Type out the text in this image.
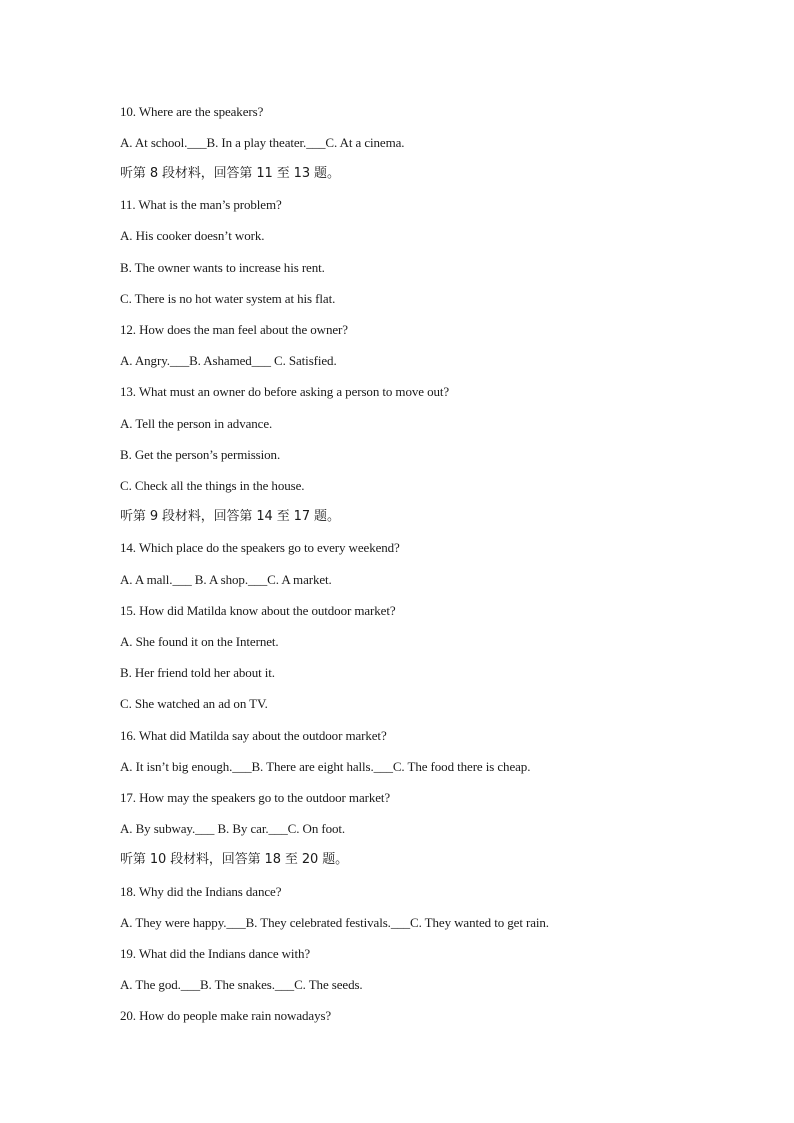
10. Where are the speakers?
A. At school.___B. In a play theater.___C. At a cinema.
听第 8 段材料，回答第 11 至 13 题。
11. What is the man’s problem?
A. His cooker doesn’t work.
B. The owner wants to increase his rent.
C. There is no hot water system at his flat.
12. How does the man feel about the owner?
A. Angry.___B. Ashamed___ C. Satisfied.
13. What must an owner do before asking a person to move out?
A. Tell the person in advance.
B. Get the person’s permission.
C. Check all the things in the house.
听第 9 段材料，回答第 14 至 17 题。
14. Which place do the speakers go to every weekend?
A. A mall.___ B. A shop.___C. A market.
15. How did Matilda know about the outdoor market?
A. She found it on the Internet.
B. Her friend told her about it.
C. She watched an ad on TV.
16. What did Matilda say about the outdoor market?
A. It isn’t big enough.___B. There are eight halls.___C. The food there is cheap.
17. How may the speakers go to the outdoor market?
A. By subway.___ B. By car.___C. On foot.
听第 10 段材料，回答第 18 至 20 题。
18. Why did the Indians dance?
A. They were happy.___B. They celebrated festivals.___C. They wanted to get rain.
19. What did the Indians dance with?
A. The god.___B. The snakes.___C. The seeds.
20. How do people make rain nowadays?
